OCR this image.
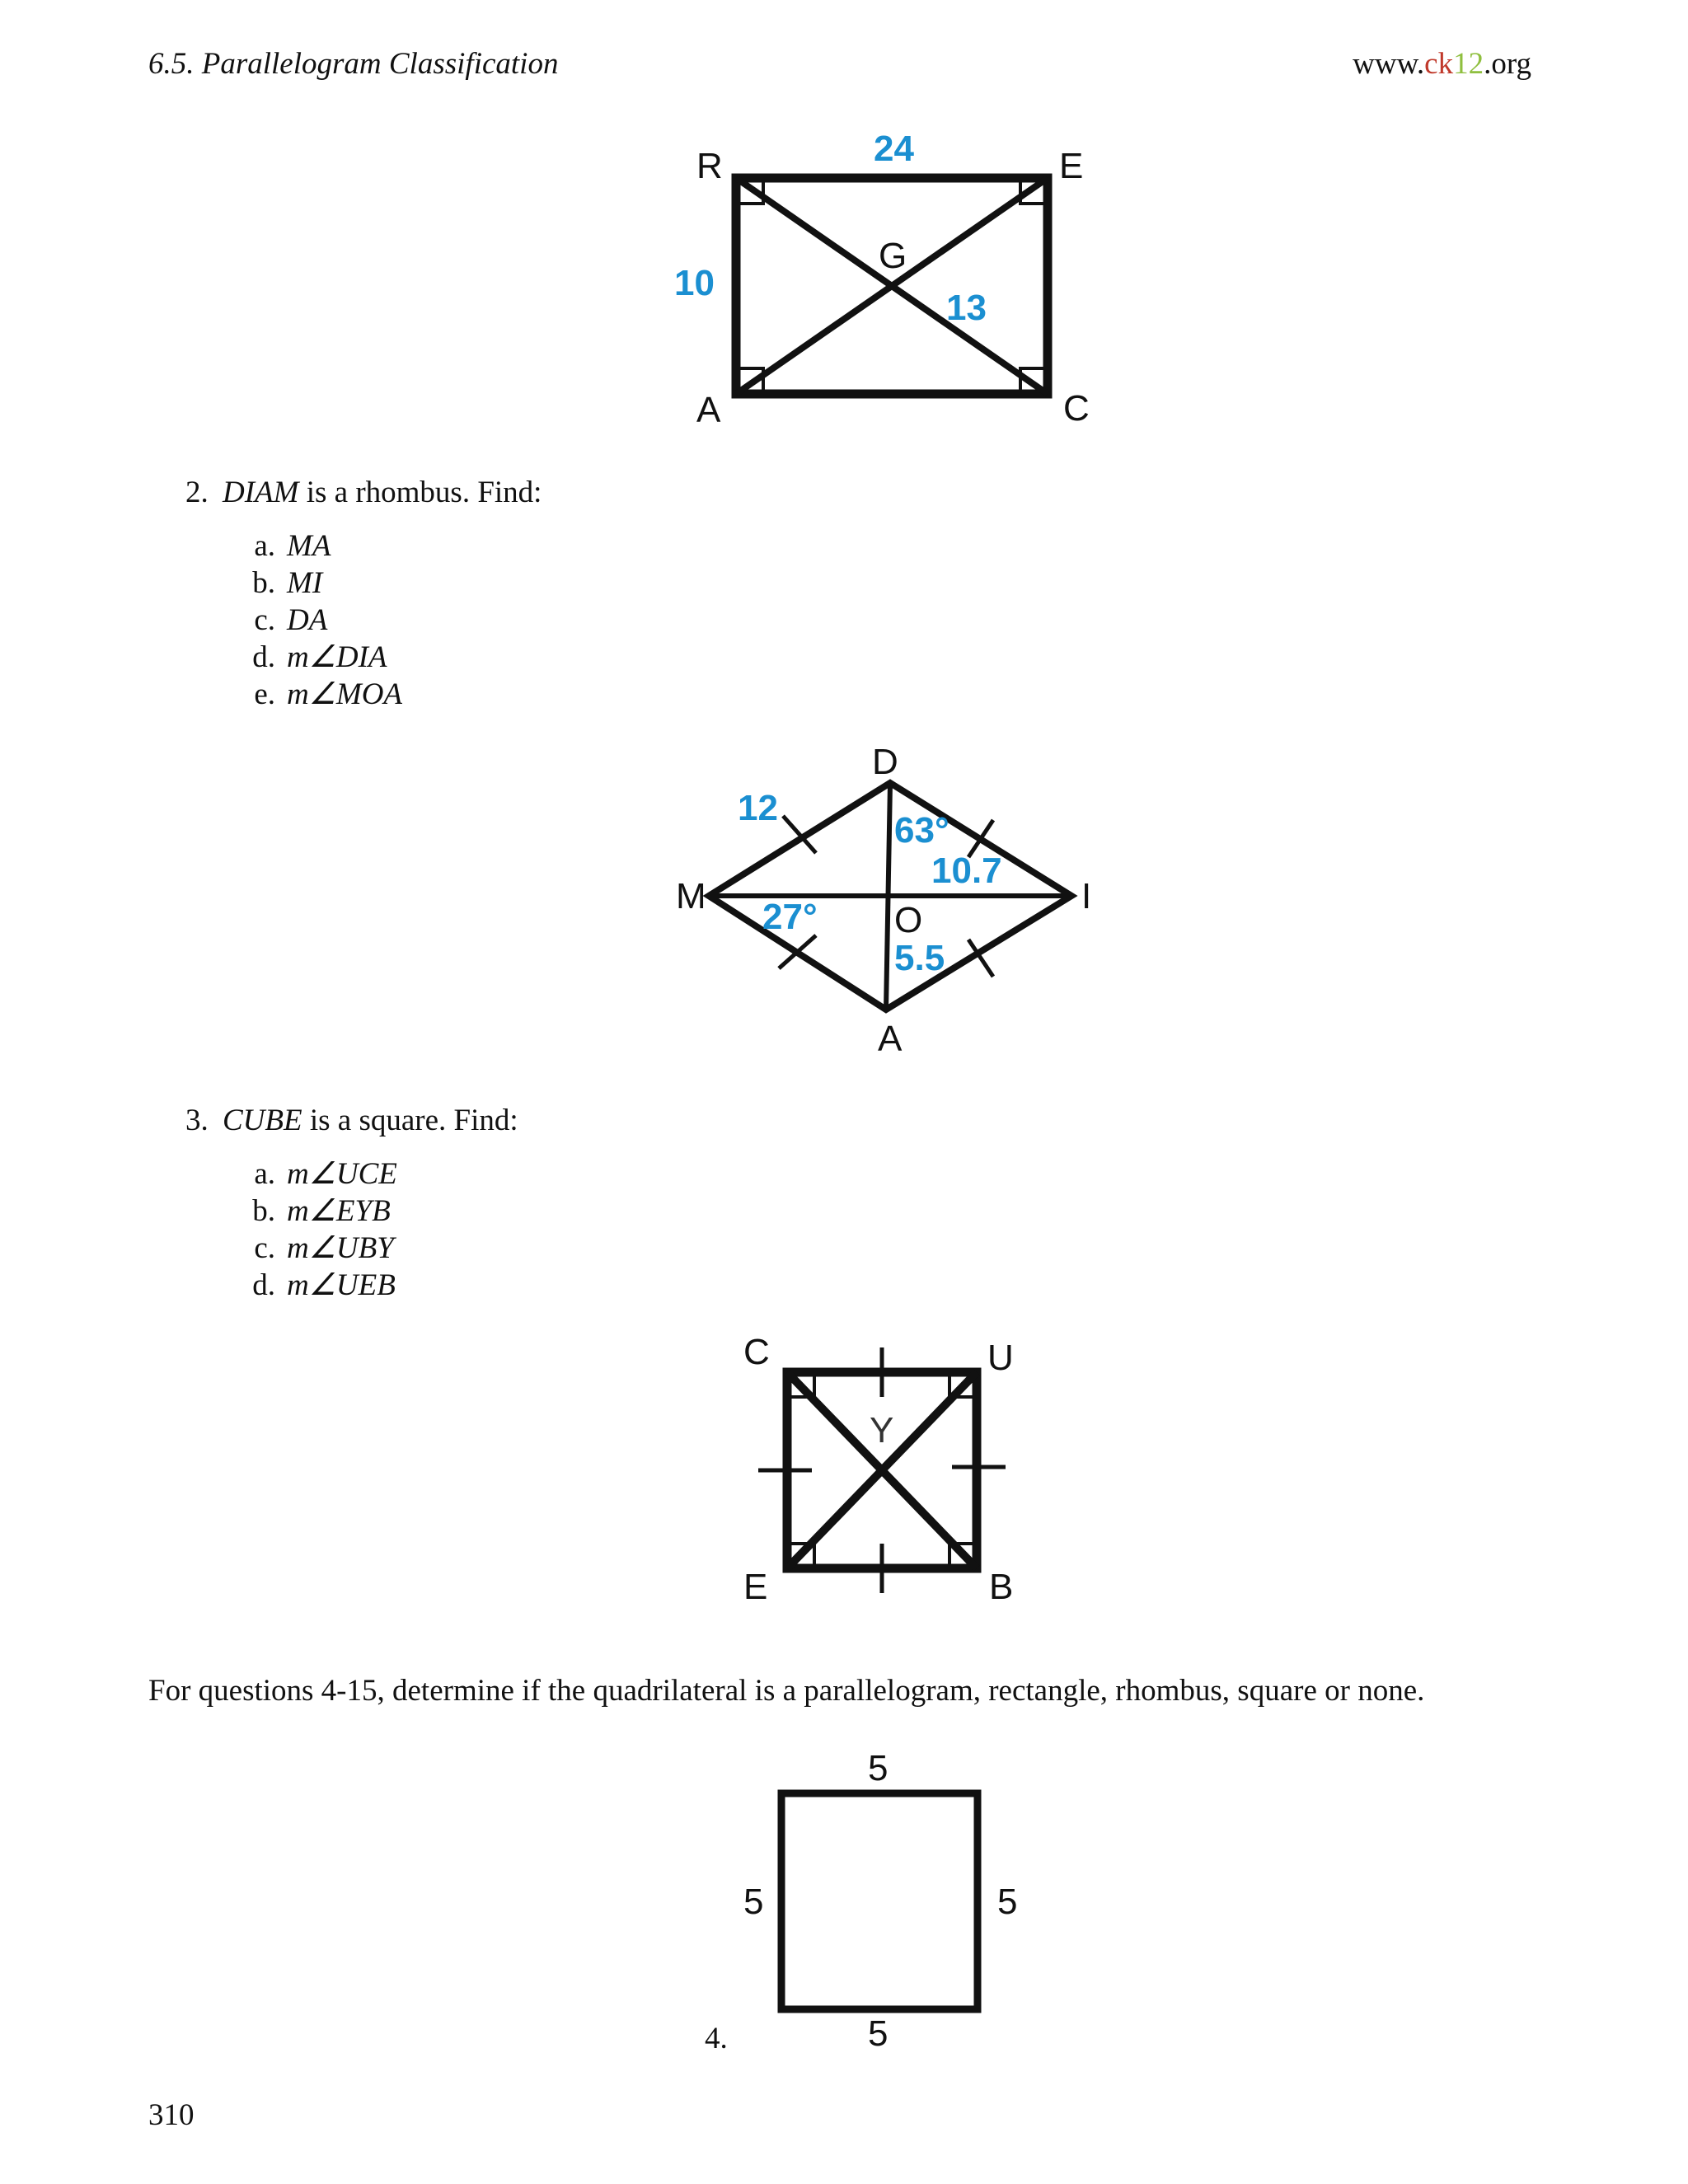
6.5. Parallelogram Classification	www.ck12.org
R	E
A	C
G
24
10
13
2. DIAM is a rhombus. Find:
a. MA
b. MI
c. DA
d. m∠DIA
e. m∠MOA
D
I
A
M
O
12
63°
10.7
27°
5.5
3. CUBE is a square. Find:
a. m∠UCE
b. m∠EYB
c. m∠UBY
d. m∠UEB
C	U
E	B
Y
For questions 4-15, determine if the quadrilateral is a parallelogram, rectangle, rhombus, square or none.
5
5	5
5
4.
310
